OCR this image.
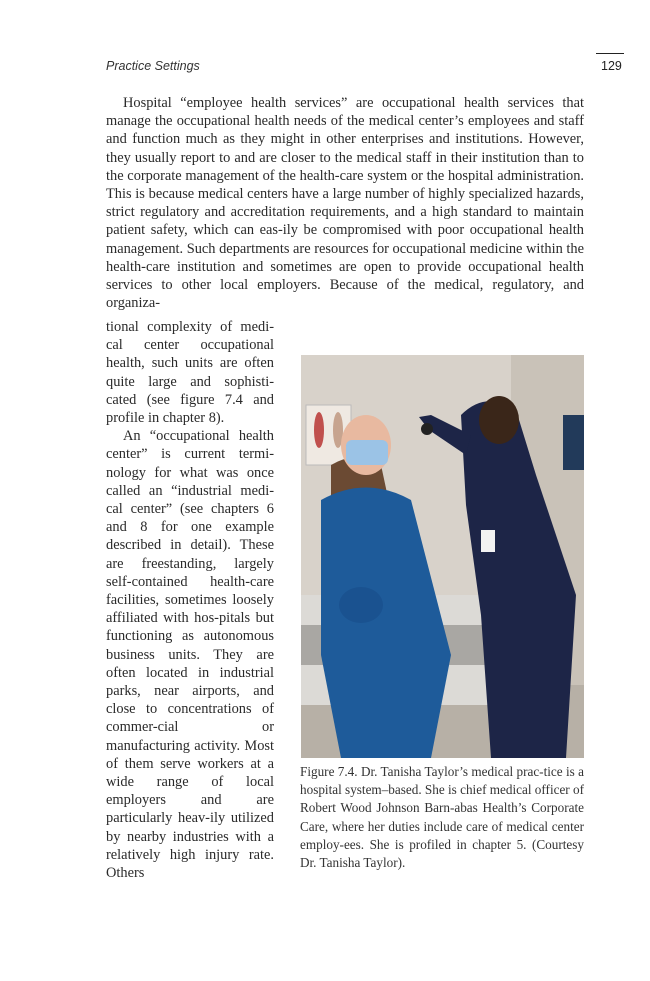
Practice Settings	129

Hospital “employee health services” are occupational health services that manage the occupational health needs of the medical center’s employees and staff and function much as they might in other enterprises and institutions. However, they usually report to and are closer to the medical staff in their institution than to the corporate management of the health-care system or the hospital administration. This is because medical centers have a large number of highly specialized hazards, strict regulatory and accreditation requirements, and a high standard to maintain patient safety, which can eas-ily be compromised with poor occupational health management. Such departments are resources for occupational medicine within the health-care institution and sometimes are open to provide occupational health services to other local employers. Because of the medical, regulatory, and organiza-

tional complexity of medi-cal center occupational health, such units are often quite large and sophisti-cated (see figure 7.4 and profile in chapter 8).

An “occupational health center” is current termi-nology for what was once called an “industrial medi-cal center” (see chapters 6 and 8 for one example described in detail). These are freestanding, largely self-contained health-care facilities, sometimes loosely affiliated with hos-pitals but functioning as autonomous business units. They are often located in industrial parks, near airports, and close to concentrations of commer-cial or manufacturing activity. Most of them serve workers at a wide range of local employers and are particularly heav-ily utilized by nearby industries with a relatively high injury rate. Others

Figure 7.4. Dr. Tanisha Taylor’s medical prac-tice is a hospital system–based. She is chief medical officer of Robert Wood Johnson Barn-abas Health’s Corporate Care, where her duties include care of medical center employ-ees. She is profiled in chapter 5. (Courtesy Dr. Tanisha Taylor).
